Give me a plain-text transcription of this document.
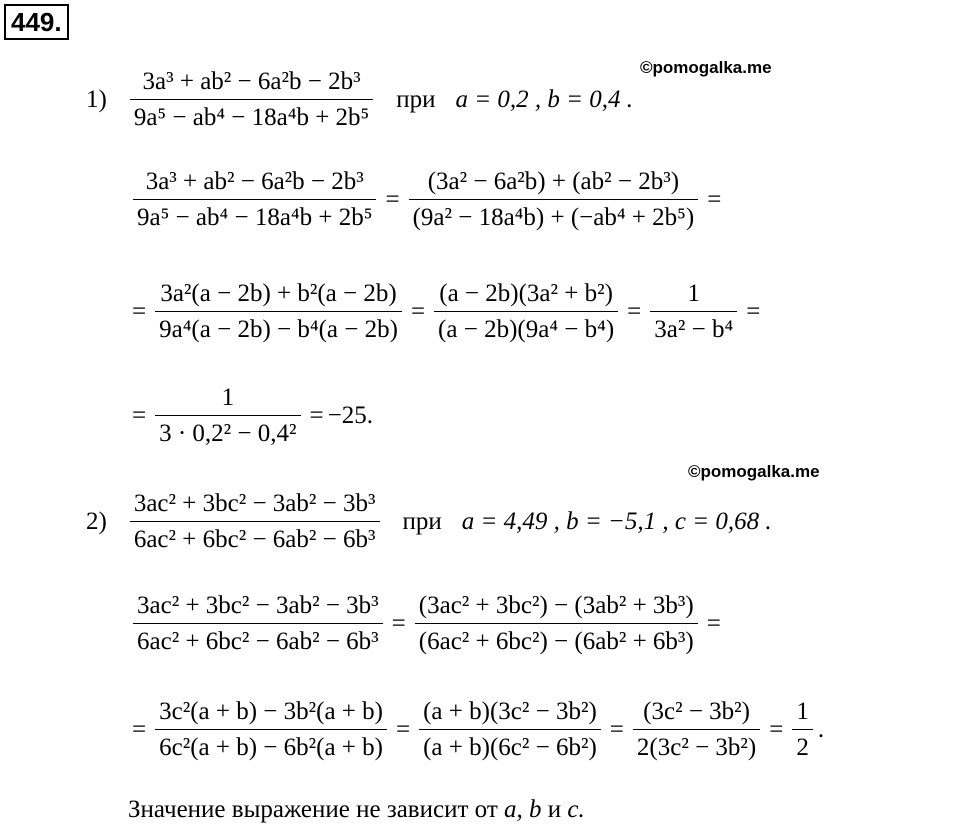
449.
©pomogalka.me
©pomogalka.me
$1) \frac{\text{3a³ + ab² − 6a²b − 2b³}}{\text{9a⁵ − ab⁴ − 18a⁴b + 2b⁵}}$ при a = 0,2 , b = 0,4 .
$\frac{\text{3a³ + ab² − 6a²b − 2b³}}{\text{9a⁵ − ab⁴ − 18a⁴b + 2b⁵}} = \frac{\text{(3a² − 6a²b) + (ab² − 2b³)}}{\text{(9a² − 18a⁴b) + (−ab⁴ + 2b⁵)}}$ =
= $\frac{\text{3a²(a − 2b) + b²(a − 2b)}}{\text{9a⁴(a − 2b) − b⁴(a − 2b)}} = \frac{\text{(a − 2b)(3a² + b²)}}{\text{(a − 2b)(9a⁴ − b⁴)}} = \frac{1}{\text{3a² − b⁴}}$ =
= $\frac{1}{\text{3 · 0,2² − 0,4²}} = -25$.
$2) \frac{\text{3ac² + 3bc² − 3ab² − 3b³}}{\text{6ac² + 6bc² − 6ab² − 6b³}}$ при a = 4,49 , b = −5,1 , c = 0,68 .
$\frac{\text{3ac² + 3bc² − 3ab² − 3b³}}{\text{6ac² + 6bc² − 6ab² − 6b³}} = \frac{\text{(3ac² + 3bc²) − (3ab² + 3b³)}}{\text{(6ac² + 6bc²) − (6ab² + 6b³)}}$ =
= $\frac{\text{3c²(a + b) − 3b²(a + b)}}{\text{6c²(a + b) − 6b²(a + b)}} = \frac{\text{(a + b)(3c² − 3b²)}}{\text{(a + b)(6c² − 6b²)}} = \frac{\text{(3c² − 3b²)}}{\text{2(3c² − 3b²)}} = \frac{1}{2}$ .
Значение выражение не зависит от a, b и c.
